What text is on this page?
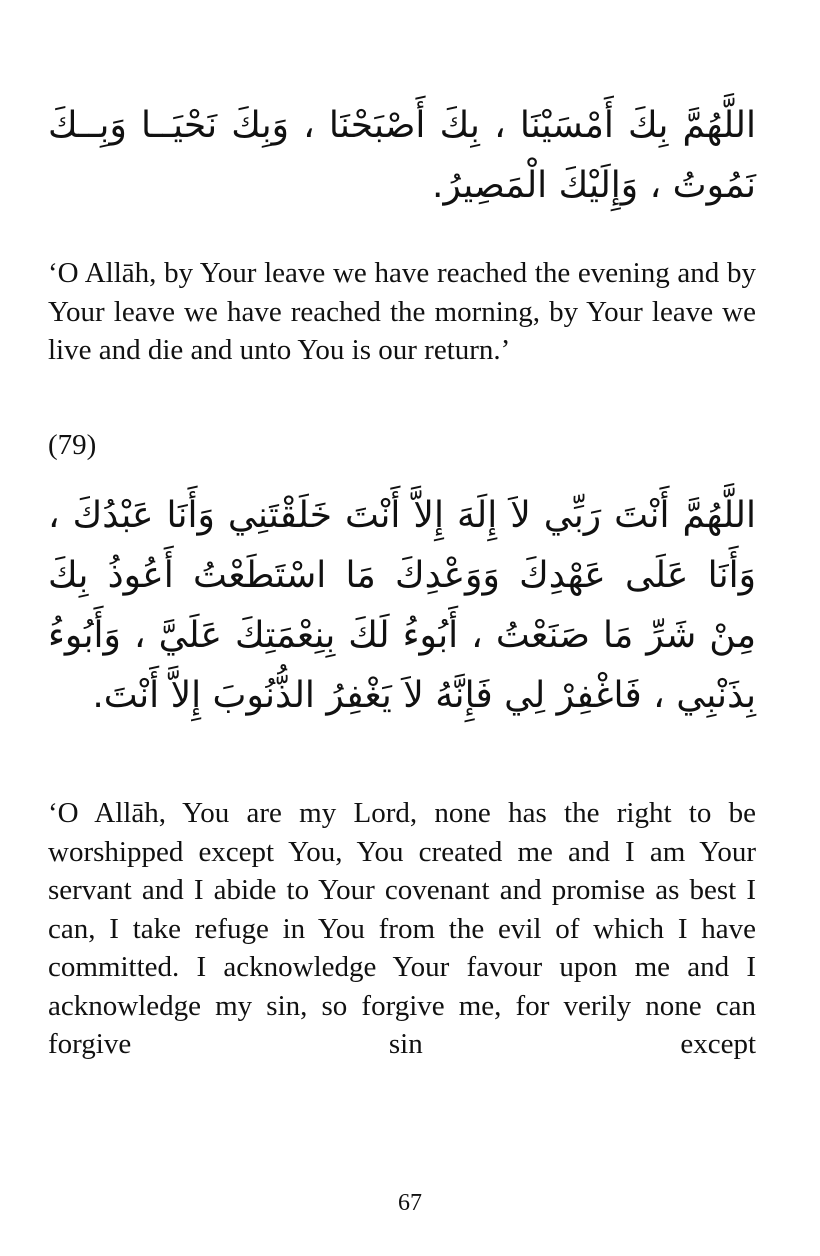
اللَّهُمَّ بِكَ أَمْسَيْنَا ، بِكَ أَصْبَحْنَا ، وَبِكَ نَحْيَــا وَبِــكَ نَمُوتُ ، وَإِلَيْكَ الْمَصِيرُ.

‘O Allāh, by Your leave we have reached the evening and by Your leave we have reached the morning, by Your leave we live and die and unto You is our return.’

(79)

اللَّهُمَّ أَنْتَ رَبِّي لاَ إِلَهَ إِلاَّ أَنْتَ خَلَقْتَنِي وَأَنَا عَبْدُكَ ، وَأَنَا عَلَى عَهْدِكَ وَوَعْدِكَ مَا اسْتَطَعْتُ أَعُوذُ بِكَ مِنْ شَرِّ مَا صَنَعْتُ ، أَبُوءُ لَكَ بِنِعْمَتِكَ عَلَيَّ ، وَأَبُوءُ بِذَنْبِي ، فَاغْفِرْ لِي فَإِنَّهُ لاَ يَغْفِرُ الذُّنُوبَ إِلاَّ أَنْتَ.

‘O Allāh, You are my Lord, none has the right to be worshipped except You, You created me and I am Your servant and I abide to Your covenant and promise as best I can, I take refuge in You from the evil of which I have committed. I acknowledge Your favour upon me and I acknowledge my sin, so forgive me, for verily none can forgive sin except

67
